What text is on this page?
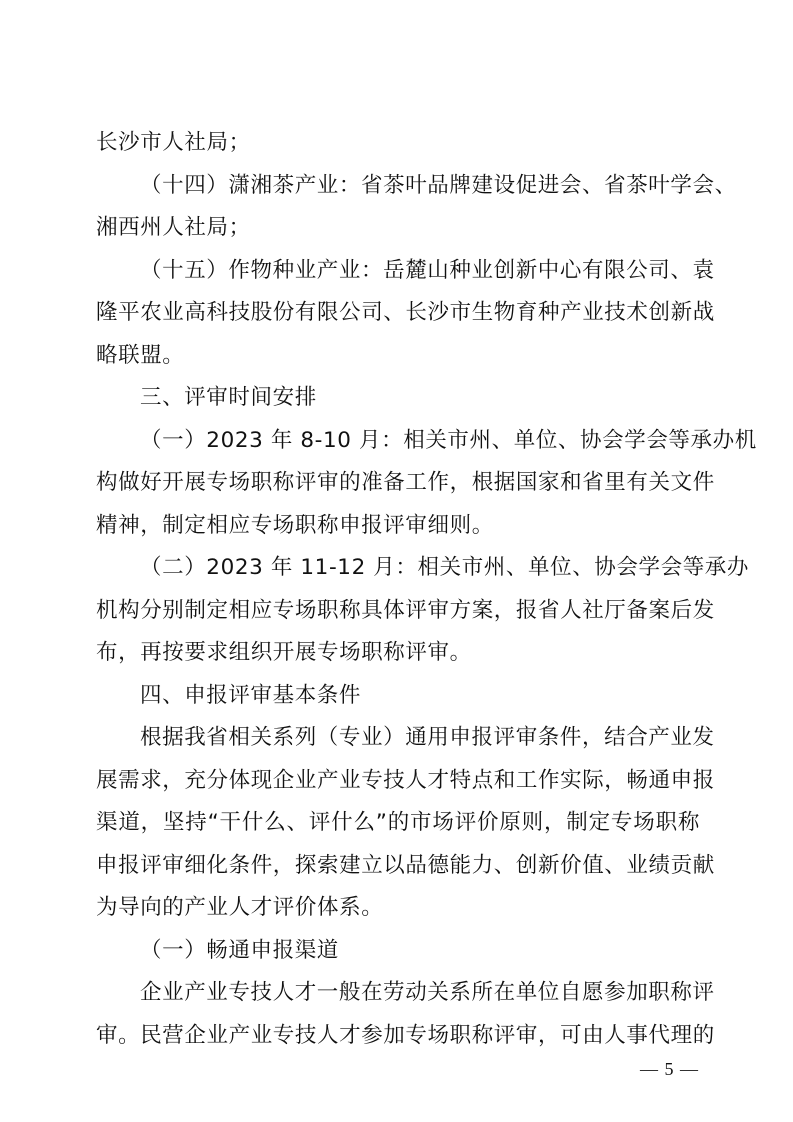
长沙市人社局；
（十四）潇湘茶产业：省茶叶品牌建设促进会、省茶叶学会、
湘西州人社局；
（十五）作物种业产业：岳麓山种业创新中心有限公司、袁
隆平农业高科技股份有限公司、长沙市生物育种产业技术创新战
略联盟。
三、评审时间安排
（一）2023 年 8-10 月：相关市州、单位、协会学会等承办机
构做好开展专场职称评审的准备工作，根据国家和省里有关文件
精神，制定相应专场职称申报评审细则。
（二）2023 年 11-12 月：相关市州、单位、协会学会等承办
机构分别制定相应专场职称具体评审方案，报省人社厅备案后发
布，再按要求组织开展专场职称评审。
四、申报评审基本条件
根据我省相关系列（专业）通用申报评审条件，结合产业发
展需求，充分体现企业产业专技人才特点和工作实际，畅通申报
渠道，坚持“干什么、评什么”的市场评价原则，制定专场职称
申报评审细化条件，探索建立以品德能力、创新价值、业绩贡献
为导向的产业人才评价体系。
（一）畅通申报渠道
企业产业专技人才一般在劳动关系所在单位自愿参加职称评
审。民营企业产业专技人才参加专场职称评审，可由人事代理的
— 5 —
